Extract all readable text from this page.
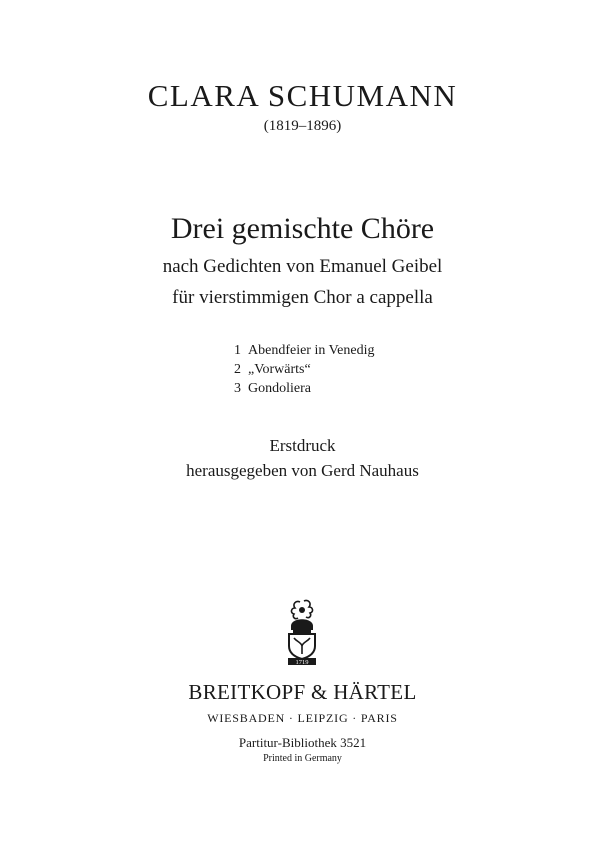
CLARA SCHUMANN
(1819–1896)
Drei gemischte Chöre
nach Gedichten von Emanuel Geibel
für vierstimmigen Chor a cappella
1 Abendfeier in Venedig
2 „Vorwärts“
3 Gondoliera
Erstdruck
herausgegeben von Gerd Nauhaus
1719
BREITKOPF & HÄRTEL
WIESBADEN · LEIPZIG · PARIS
Partitur-Bibliothek 3521
Printed in Germany
